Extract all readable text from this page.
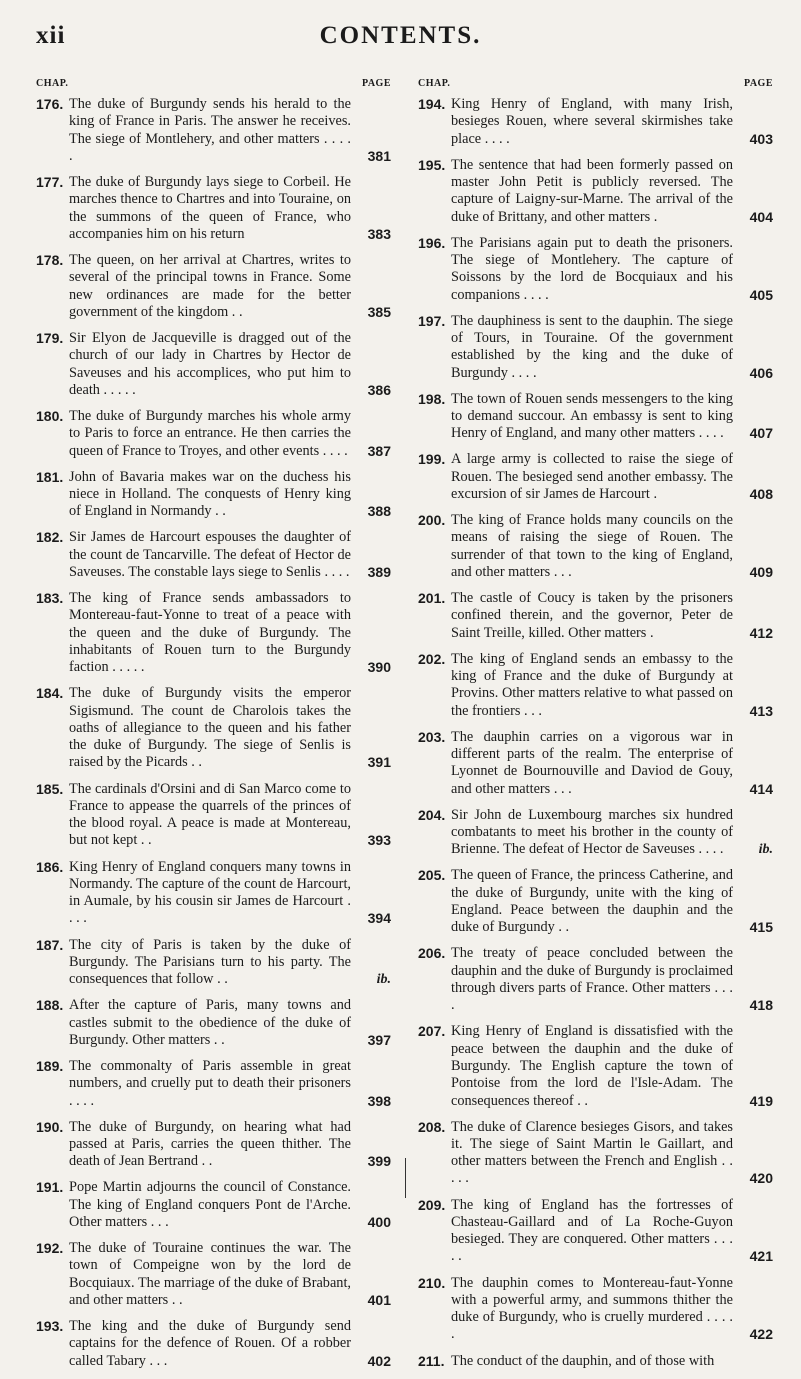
xii	CONTENTS.
CHAP.	PAGE
176. The duke of Burgundy sends his herald to the king of France in Paris. The answer he receives. The siege of Montlehery, and other matters . . . . .	381
177. The duke of Burgundy lays siege to Corbeil. He marches thence to Chartres and into Touraine, on the summons of the queen of France, who accompanies him on his return	383
178. The queen, on her arrival at Chartres, writes to several of the principal towns in France. Some new ordinances are made for the better government of the kingdom . .	385
179. Sir Elyon de Jacqueville is dragged out of the church of our lady in Chartres by Hector de Saveuses and his accomplices, who put him to death . . . . .	386
180. The duke of Burgundy marches his whole army to Paris to force an entrance. He then carries the queen of France to Troyes, and other events . . . .	387
181. John of Bavaria makes war on the duchess his niece in Holland. The conquests of Henry king of England in Normandy . .	388
182. Sir James de Harcourt espouses the daughter of the count de Tancarville. The defeat of Hector de Saveuses. The constable lays siege to Senlis . . . .	389
183. The king of France sends ambassadors to Montereau-faut-Yonne to treat of a peace with the queen and the duke of Burgundy. The inhabitants of Rouen turn to the Burgundy faction . . . . .	390
184. The duke of Burgundy visits the emperor Sigismund. The count de Charolois takes the oaths of allegiance to the queen and his father the duke of Burgundy. The siege of Senlis is raised by the Picards . .	391
185. The cardinals d'Orsini and di San Marco come to France to appease the quarrels of the princes of the blood royal. A peace is made at Montereau, but not kept . .	393
186. King Henry of England conquers many towns in Normandy. The capture of the count de Harcourt, in Aumale, by his cousin sir James de Harcourt . . . .	394
187. The city of Paris is taken by the duke of Burgundy. The Parisians turn to his party. The consequences that follow . .	ib.
188. After the capture of Paris, many towns and castles submit to the obedience of the duke of Burgundy. Other matters . .	397
189. The commonalty of Paris assemble in great numbers, and cruelly put to death their prisoners . . . .	398
190. The duke of Burgundy, on hearing what had passed at Paris, carries the queen thither. The death of Jean Bertrand . .	399
191. Pope Martin adjourns the council of Constance. The king of England conquers Pont de l'Arche. Other matters . . .	400
192. The duke of Touraine continues the war. The town of Compeigne won by the lord de Bocquiaux. The marriage of the duke of Brabant, and other matters . .	401
193. The king and the duke of Burgundy send captains for the defence of Rouen. Of a robber called Tabary . . .	402
CHAP.	PAGE
194. King Henry of England, with many Irish, besieges Rouen, where several skirmishes take place . . . .	403
195. The sentence that had been formerly passed on master John Petit is publicly reversed. The capture of Laigny-sur-Marne. The arrival of the duke of Brittany, and other matters .	404
196. The Parisians again put to death the prisoners. The siege of Montlehery. The capture of Soissons by the lord de Bocquiaux and his companions . . . .	405
197. The dauphiness is sent to the dauphin. The siege of Tours, in Touraine. Of the government established by the king and the duke of Burgundy . . . .	406
198. The town of Rouen sends messengers to the king to demand succour. An embassy is sent to king Henry of England, and many other matters . . . .	407
199. A large army is collected to raise the siege of Rouen. The besieged send another embassy. The excursion of sir James de Harcourt .	408
200. The king of France holds many councils on the means of raising the siege of Rouen. The surrender of that town to the king of England, and other matters . . .	409
201. The castle of Coucy is taken by the prisoners confined therein, and the governor, Peter de Saint Treille, killed. Other matters .	412
202. The king of England sends an embassy to the king of France and the duke of Burgundy at Provins. Other matters relative to what passed on the frontiers . . .	413
203. The dauphin carries on a vigorous war in different parts of the realm. The enterprise of Lyonnet de Bournouville and Daviod de Gouy, and other matters . . .	414
204. Sir John de Luxembourg marches six hundred combatants to meet his brother in the county of Brienne. The defeat of Hector de Saveuses . . . .	ib.
205. The queen of France, the princess Catherine, and the duke of Burgundy, unite with the king of England. Peace between the dauphin and the duke of Burgundy . .	415
206. The treaty of peace concluded between the dauphin and the duke of Burgundy is proclaimed through divers parts of France. Other matters . . . .	418
207. King Henry of England is dissatisfied with the peace between the dauphin and the duke of Burgundy. The English capture the town of Pontoise from the lord de l'Isle-Adam. The consequences thereof . .	419
208. The duke of Clarence besieges Gisors, and takes it. The siege of Saint Martin le Gaillart, and other matters between the French and English . . . . .	420
209. The king of England has the fortresses of Chasteau-Gaillard and of La Roche-Guyon besieged. They are conquered. Other matters . . . . .	421
210. The dauphin comes to Montereau-faut-Yonne with a powerful army, and summons thither the duke of Burgundy, who is cruelly murdered . . . . .	422
211. The conduct of the dauphin, and of those with
